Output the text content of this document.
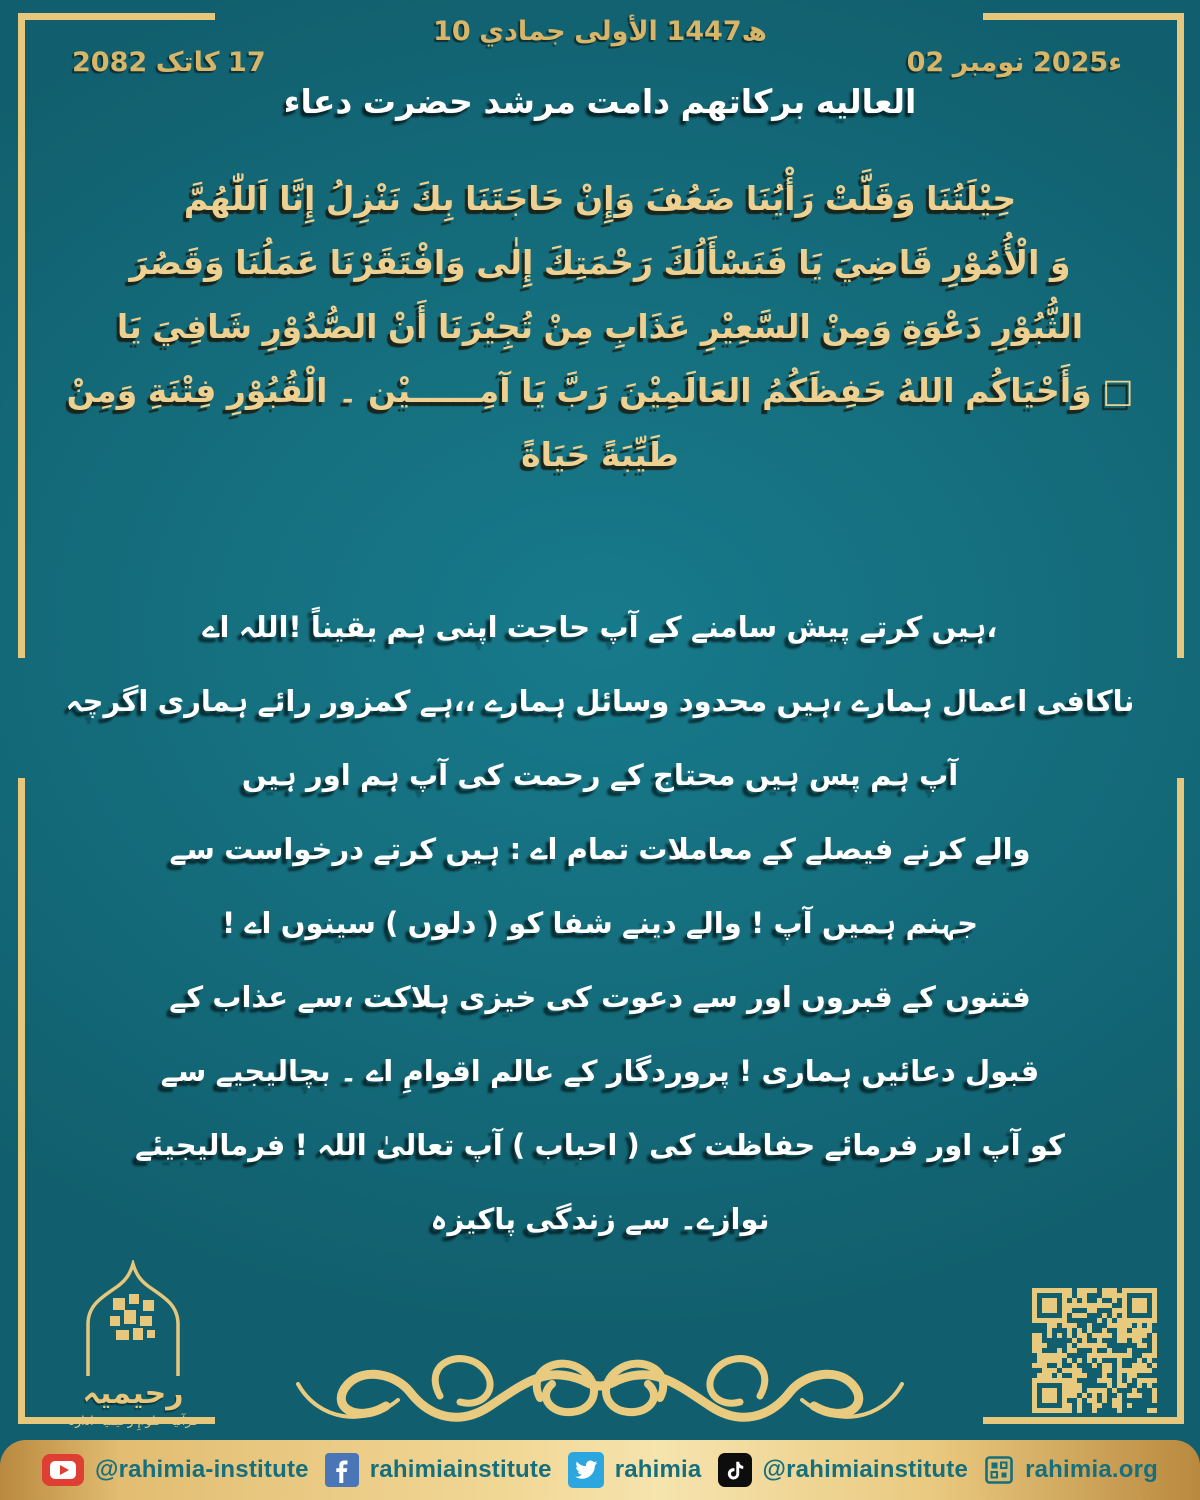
10 جمادي الأولى 1447ھ
02 نومبر 2025ء
17
کاتک
2082
دعاء حضرت مرشد دامت بركاتهم العاليه
اَللّٰهُمَّ إِنَّا نَنْزِلُ بِكَ حَاجَتَنَا وَإِنْ ضَعُفَ رَأْيُنَا وَقَلَّتْ حِيْلَتُنَا
وَقَصُرَ عَمَلُنَا وَافْتَقَرْنَا إِلٰى رَحْمَتِكَ فَنَسْأَلُكَ يَا قَاضِيَ الْأُمُوْرِ وَ
يَا شَافِيَ الصُّدُوْرِ أَنْ تُجِيْرَنَا مِنْ عَذَابِ السَّعِيْرِ وَمِنْ دَعْوَةِ الثُّبُوْرِ
وَمِنْ فِتْنَةِ الْقُبُوْرِ ۔ آمِــــــيْن يَا رَبَّ العَالَمِيْنَ حَفِظَكُمُ اللهُ وَأَحْيَاكُم □
حَيَاةً طَيِّبَةً
اے اللہ! یقیناً ہم اپنی حاجت آپ کے سامنے پیش کرتے ہیں،
اگرچہ ہماری رائے کمزور ہے،، ہمارے وسائل محدود ہیں، ہمارے اعمال ناکافی
ہیں اور ہم آپ کی رحمت کے محتاج ہیں پس ہم آپ
سے درخواست کرتے ہیں : اے تمام معاملات کے فیصلے کرنے والے
! اے سینوں ( دلوں ) کو شفا دینے والے ! آپ ہمیں جہنم
کے عذاب سے، ہلاکت خیزی کی دعوت سے اور قبروں کے فتنوں
سے بچالیجیے ۔ اے اقوامِ عالم کے پروردگار ! ہماری دعائیں قبول
فرمالیجیئے ! اللہ تعالیٰ آپ ( احباب ) کی حفاظت فرمائے اور آپ کو
پاکیزہ زندگی سے نوازے۔
رحیمیہ
ادارہ رحیمیہ علومِ قرآنیہ
@rahimia-institute	rahimiainstitute	rahimia	@rahimiainstitute rahimia.org
